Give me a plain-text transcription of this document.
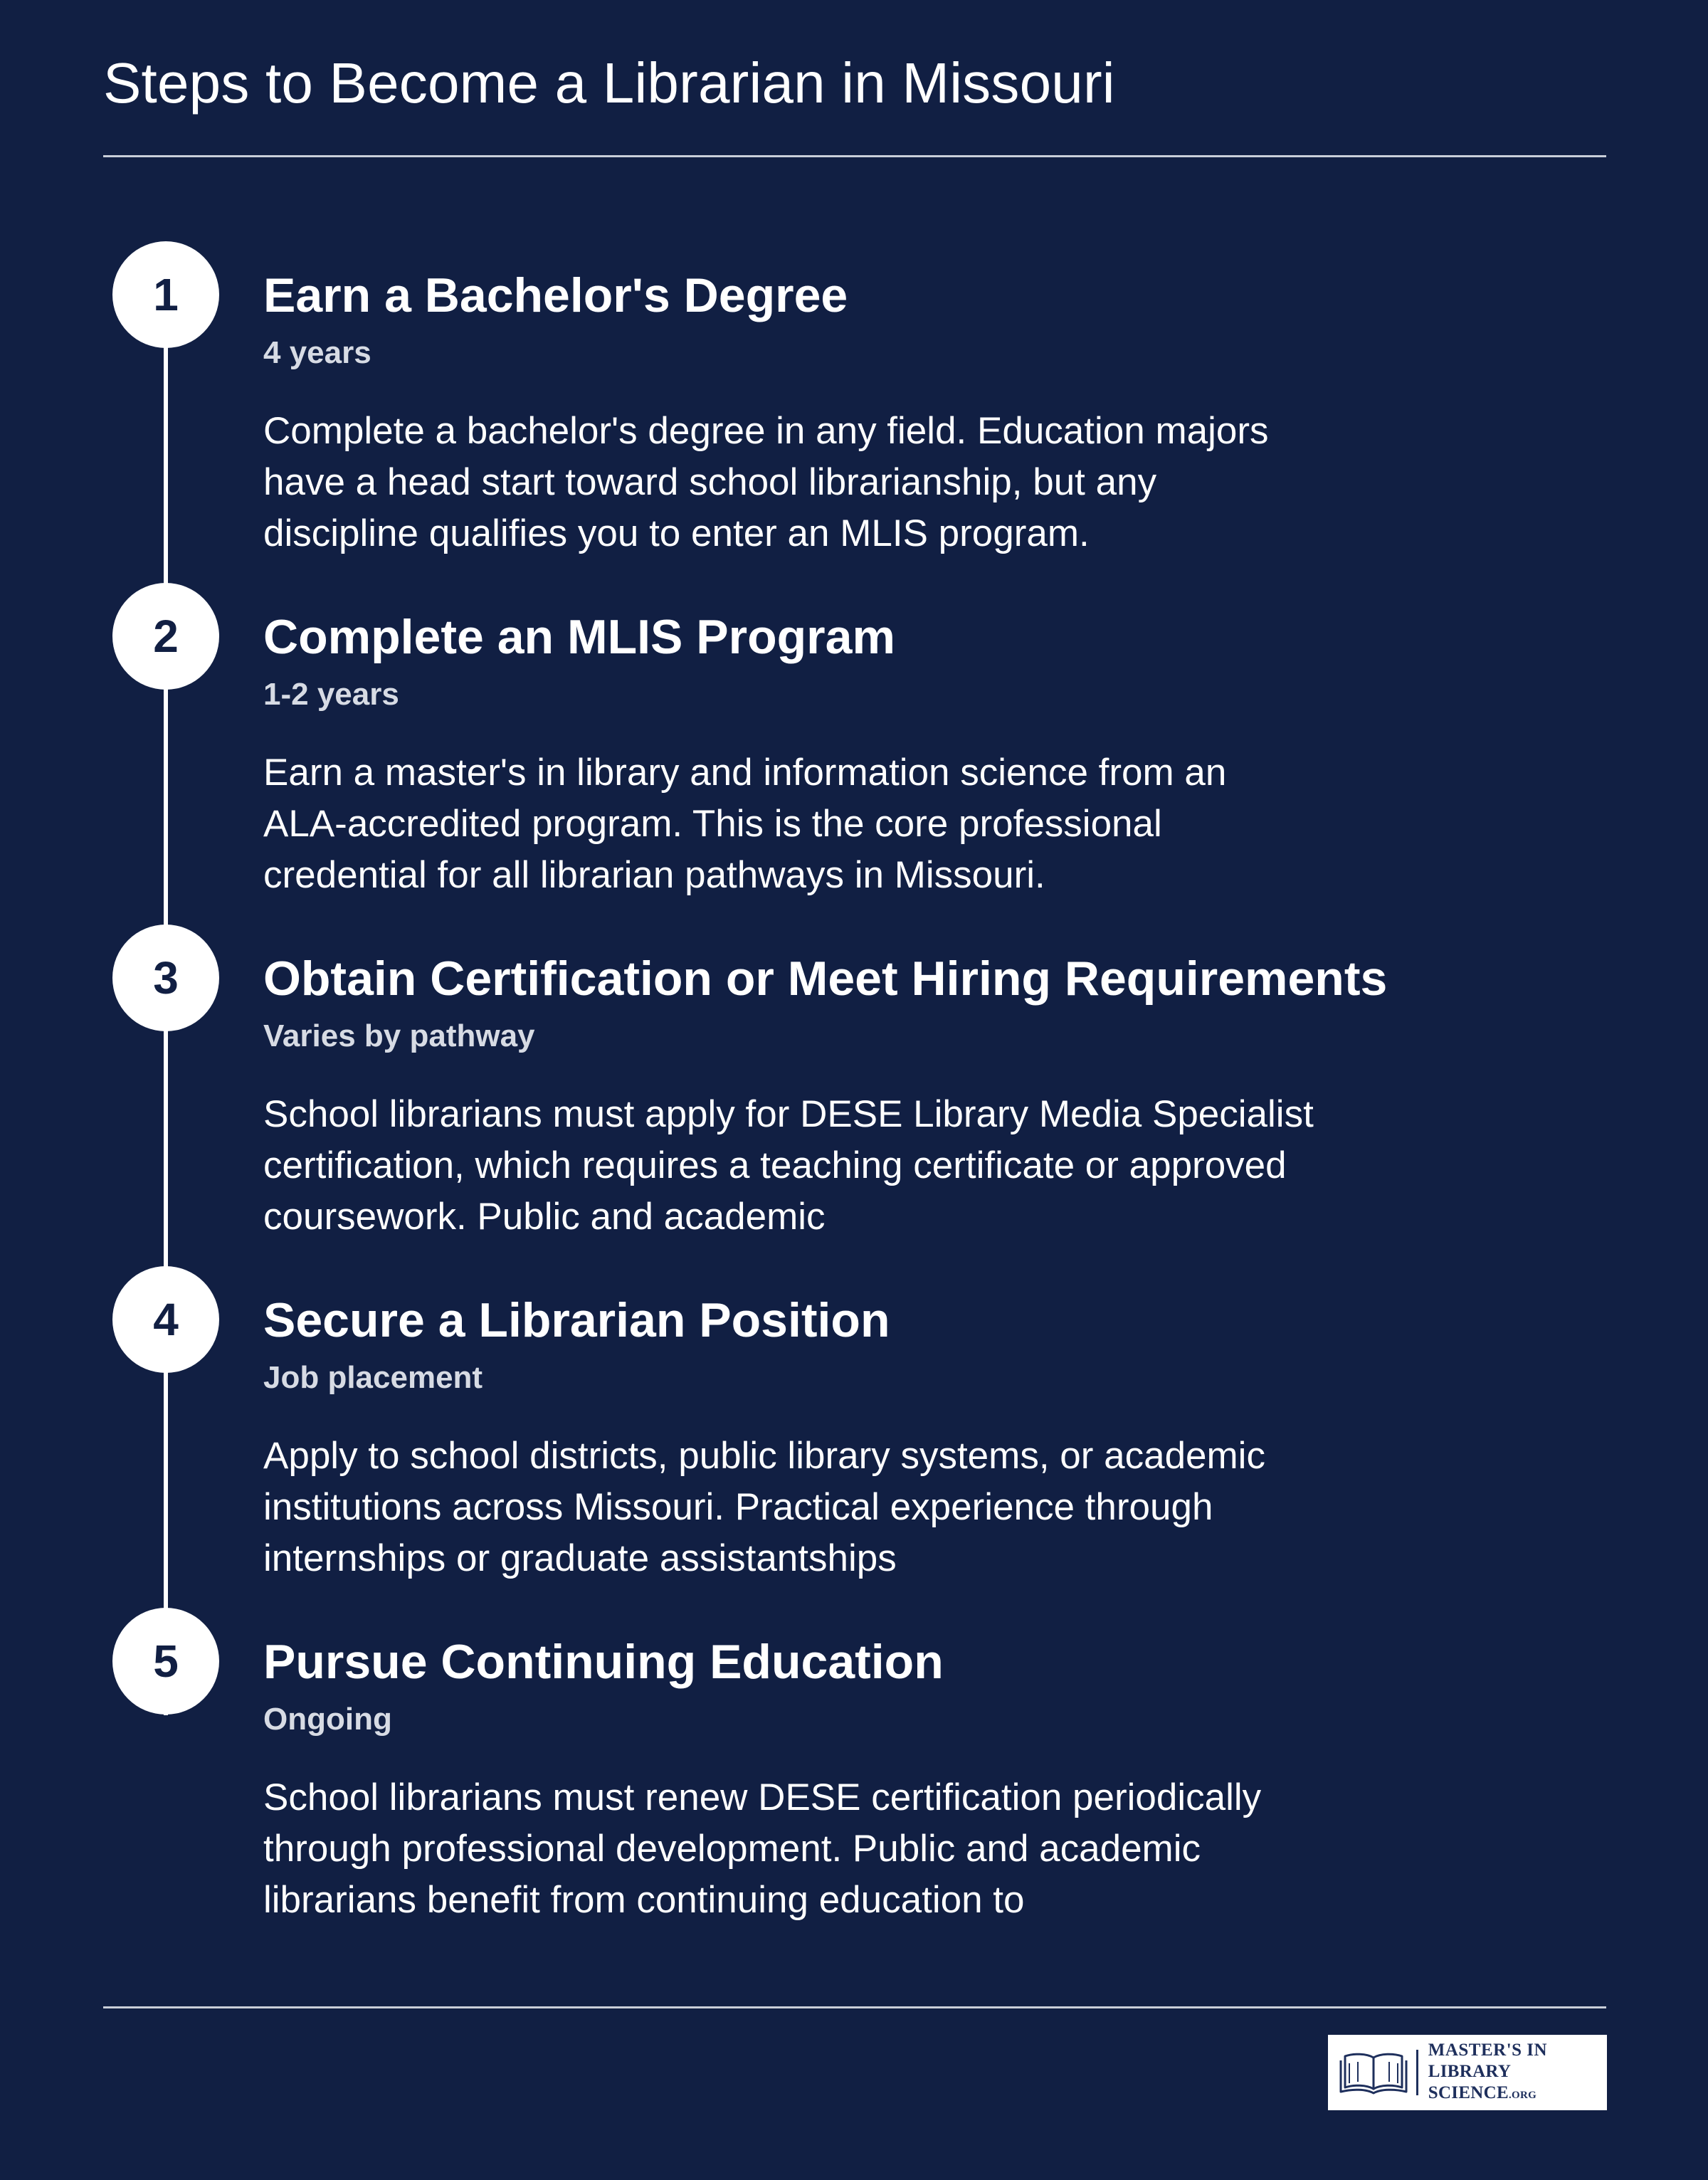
Steps to Become a Librarian in Missouri
1	Earn a Bachelor's Degree

4 years

Complete a bachelor's degree in any field. Education majors have a head start toward school librarianship, but any discipline qualifies you to enter an MLIS program.

2	Complete an MLIS Program

1-2 years

Earn a master's in library and information science from an ALA-accredited program. This is the core professional credential for all librarian pathways in Missouri.

3	Obtain Certification or Meet Hiring Requirements

Varies by pathway

School librarians must apply for DESE Library Media Specialist certification, which requires a teaching certificate or approved coursework. Public and academic

4	Secure a Librarian Position

Job placement

Apply to school districts, public library systems, or academic institutions across Missouri. Practical experience through internships or graduate assistantships

5	Pursue Continuing Education

Ongoing

School librarians must renew DESE certification periodically through professional development. Public and academic librarians benefit from continuing education to

MASTER'S IN
LIBRARY SCIENCE.ORG
